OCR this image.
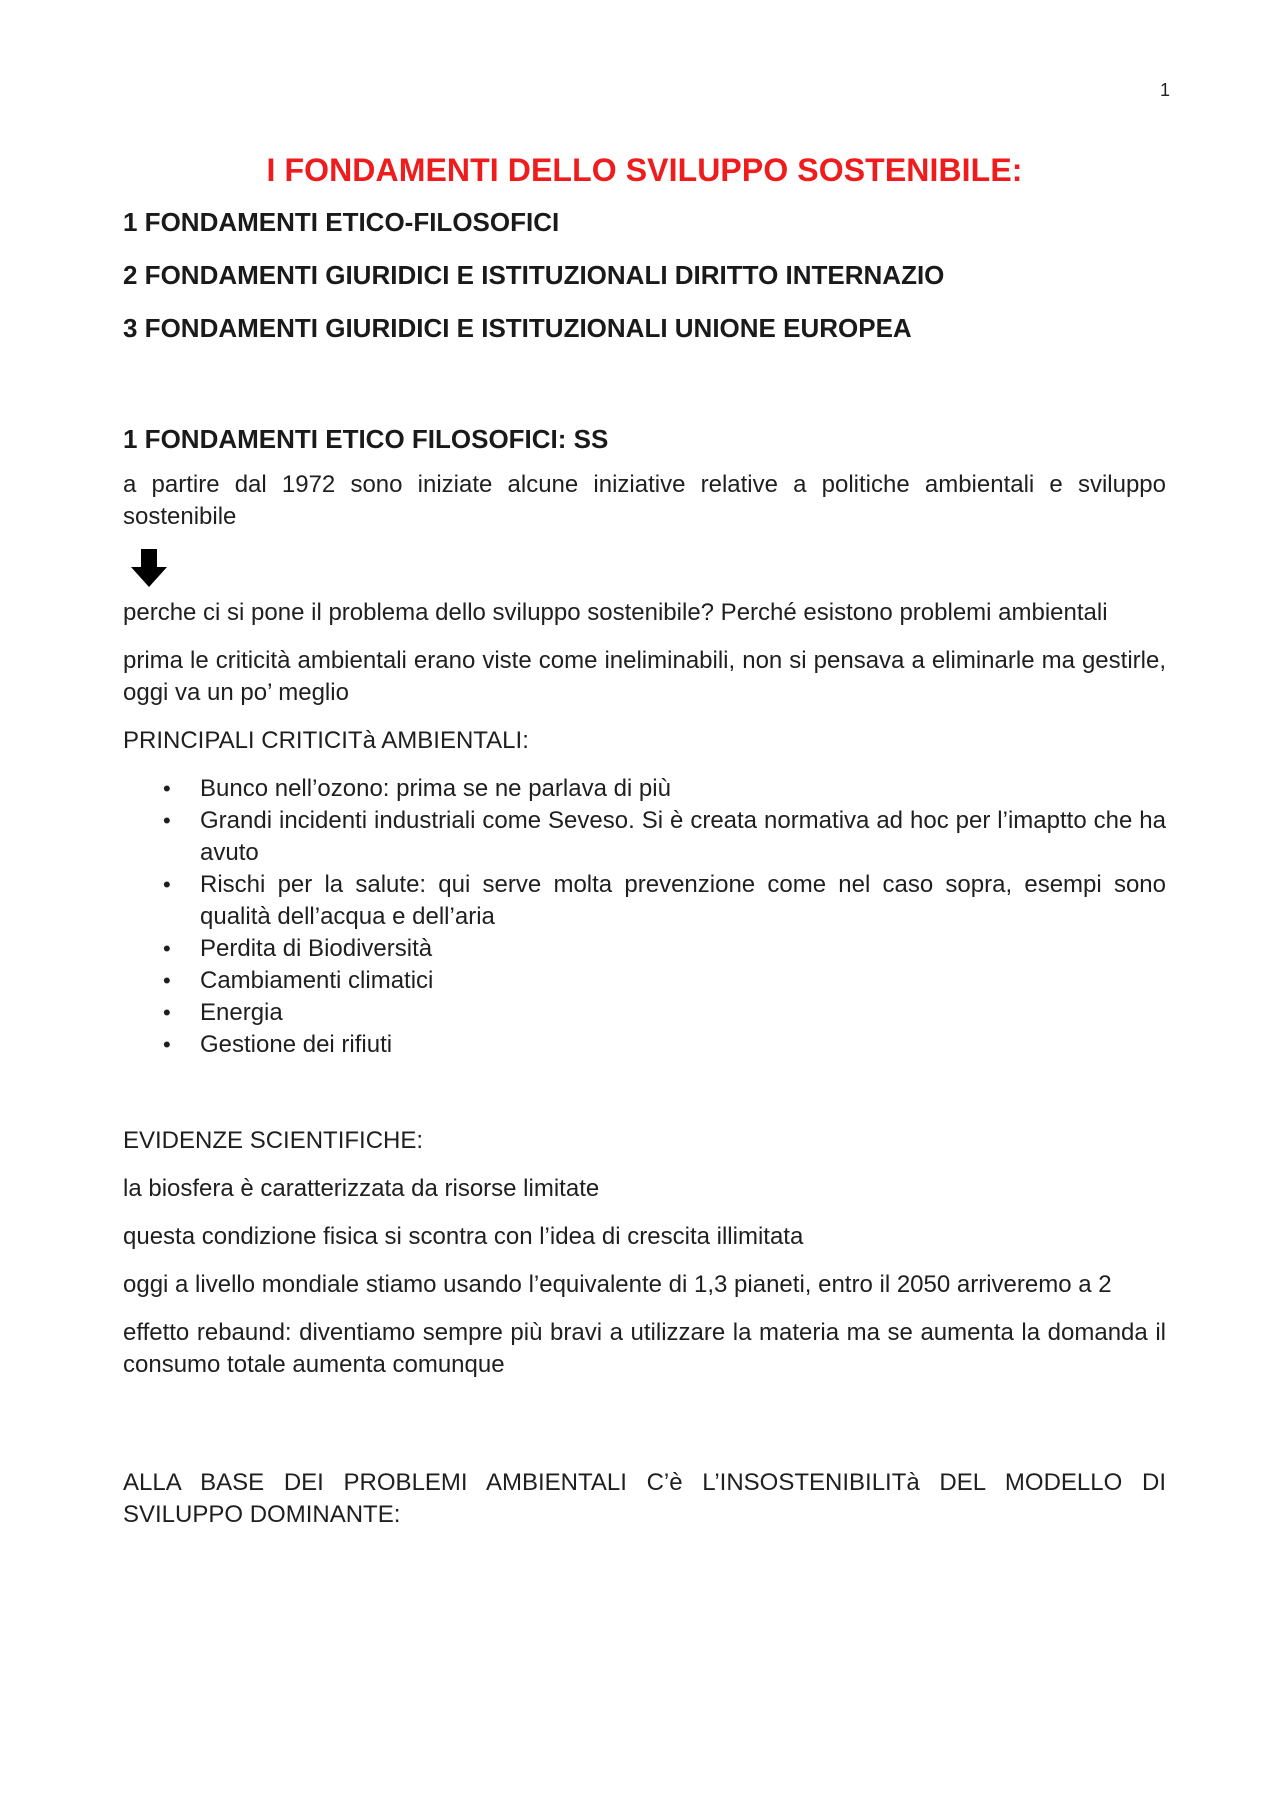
1
I FONDAMENTI DELLO SVILUPPO SOSTENIBILE:
1 FONDAMENTI ETICO-FILOSOFICI
2 FONDAMENTI GIURIDICI E ISTITUZIONALI DIRITTO INTERNAZIO
3 FONDAMENTI GIURIDICI E ISTITUZIONALI UNIONE EUROPEA
1 FONDAMENTI ETICO FILOSOFICI: SS

a partire dal 1972 sono iniziate alcune iniziative relative a politiche ambientali e sviluppo sostenibile

perche ci si pone il problema dello sviluppo sostenibile? Perché esistono problemi ambientali

prima le criticità ambientali erano viste come ineliminabili, non si pensava a eliminarle ma gestirle, oggi va un po’ meglio

PRINCIPALI CRITICITà AMBIENTALI:

• Bunco nell’ozono: prima se ne parlava di più
• Grandi incidenti industriali come Seveso. Si è creata normativa ad hoc per l’imaptto che ha avuto
• Rischi per la salute: qui serve molta prevenzione come nel caso sopra, esempi sono qualità dell’acqua e dell’aria
• Perdita di Biodiversità
• Cambiamenti climatici
• Energia
• Gestione dei rifiuti

EVIDENZE SCIENTIFICHE:

la biosfera è caratterizzata da risorse limitate

questa condizione fisica si scontra con l’idea di crescita illimitata

oggi a livello mondiale stiamo usando l’equivalente di 1,3 pianeti, entro il 2050 arriveremo a 2

effetto rebaund: diventiamo sempre più bravi a utilizzare la materia ma se aumenta la domanda il consumo totale aumenta comunque

ALLA BASE DEI PROBLEMI AMBIENTALI C’è L’INSOSTENIBILITà DEL MODELLO DI SVILUPPO DOMINANTE:
